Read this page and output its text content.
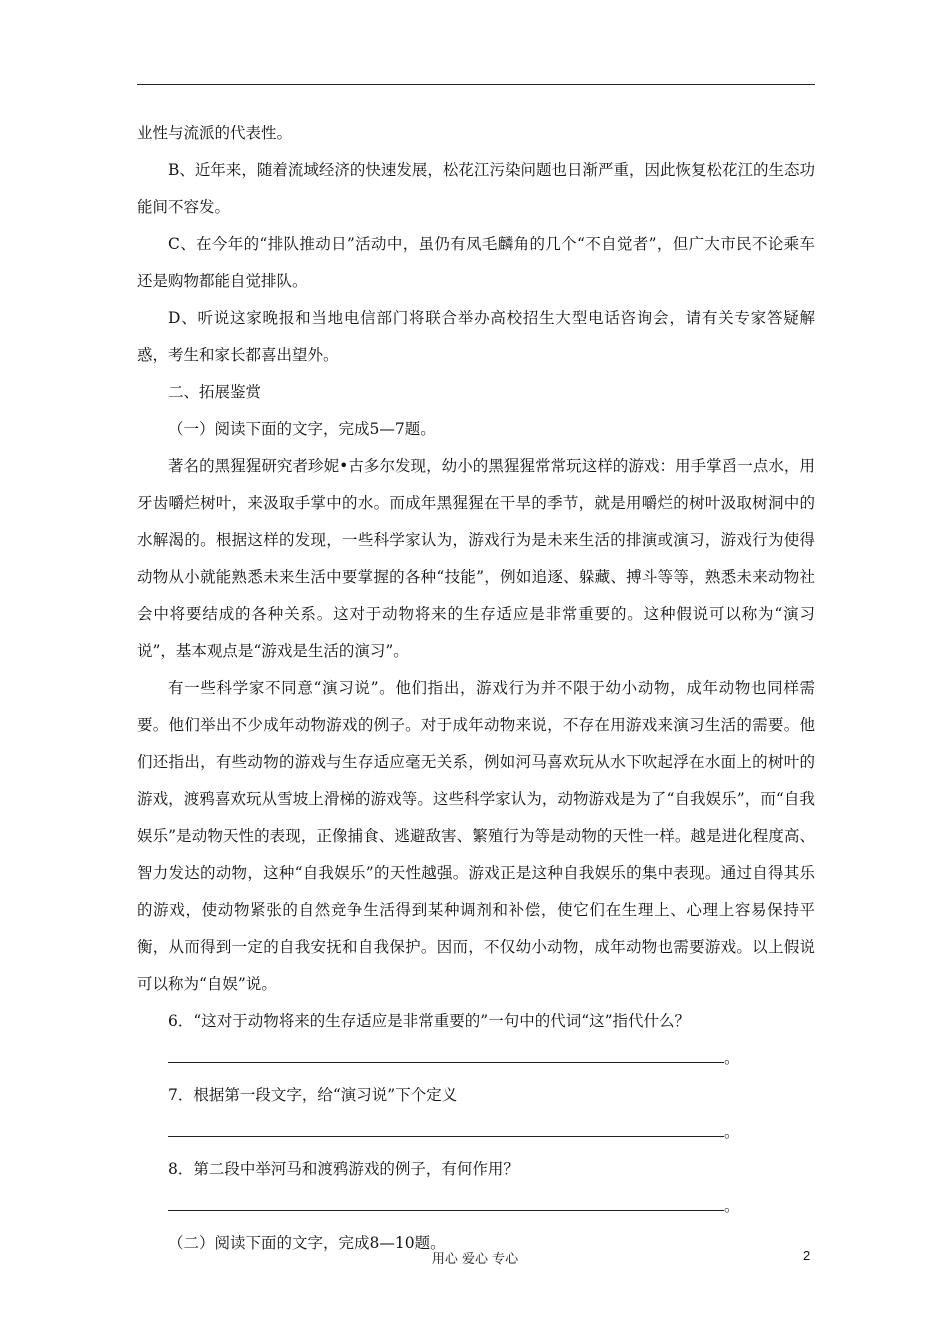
业性与流派的代表性。

B、近年来，随着流域经济的快速发展，松花江污染问题也日渐严重，因此恢复松花江的生态功能间不容发。

C、在今年的“排队推动日”活动中，虽仍有凤毛麟角的几个“不自觉者”，但广大市民不论乘车还是购物都能自觉排队。

D、听说这家晚报和当地电信部门将联合举办高校招生大型电话咨询会，请有关专家答疑解惑，考生和家长都喜出望外。

二、拓展鉴赏

（一）阅读下面的文字，完成5—7题。

著名的黑猩猩研究者珍妮•古多尔发现，幼小的黑猩猩常常玩这样的游戏：用手掌舀一点水，用牙齿嚼烂树叶，来汲取手掌中的水。而成年黑猩猩在干旱的季节，就是用嚼烂的树叶汲取树洞中的水解渴的。根据这样的发现，一些科学家认为，游戏行为是未来生活的排演或演习，游戏行为使得动物从小就能熟悉未来生活中要掌握的各种“技能”，例如追逐、躲藏、搏斗等等，熟悉未来动物社会中将要结成的各种关系。这对于动物将来的生存适应是非常重要的。这种假说可以称为“演习说”，基本观点是“游戏是生活的演习”。

有一些科学家不同意“演习说”。他们指出，游戏行为并不限于幼小动物，成年动物也同样需要。他们举出不少成年动物游戏的例子。对于成年动物来说，不存在用游戏来演习生活的需要。他们还指出，有些动物的游戏与生存适应毫无关系，例如河马喜欢玩从水下吹起浮在水面上的树叶的游戏，渡鸦喜欢玩从雪坡上滑梯的游戏等。这些科学家认为，动物游戏是为了“自我娱乐”，而“自我娱乐”是动物天性的表现，正像捕食、逃避敌害、繁殖行为等是动物的天性一样。越是进化程度高、智力发达的动物，这种“自我娱乐”的天性越强。游戏正是这种自我娱乐的集中表现。通过自得其乐的游戏，使动物紧张的自然竞争生活得到某种调剂和补偿，使它们在生理上、心理上容易保持平衡，从而得到一定的自我安抚和自我保护。因而，不仅幼小动物，成年动物也需要游戏。以上假说可以称为“自娱”说。

6．“这对于动物将来的生存适应是非常重要的”一句中的代词“这”指代什么？

。

7．根据第一段文字，给“演习说”下个定义

。

8．第二段中举河马和渡鸦游戏的例子，有何作用？

。

（二）阅读下面的文字，完成8—10题。

用心 爱心 专心	2
